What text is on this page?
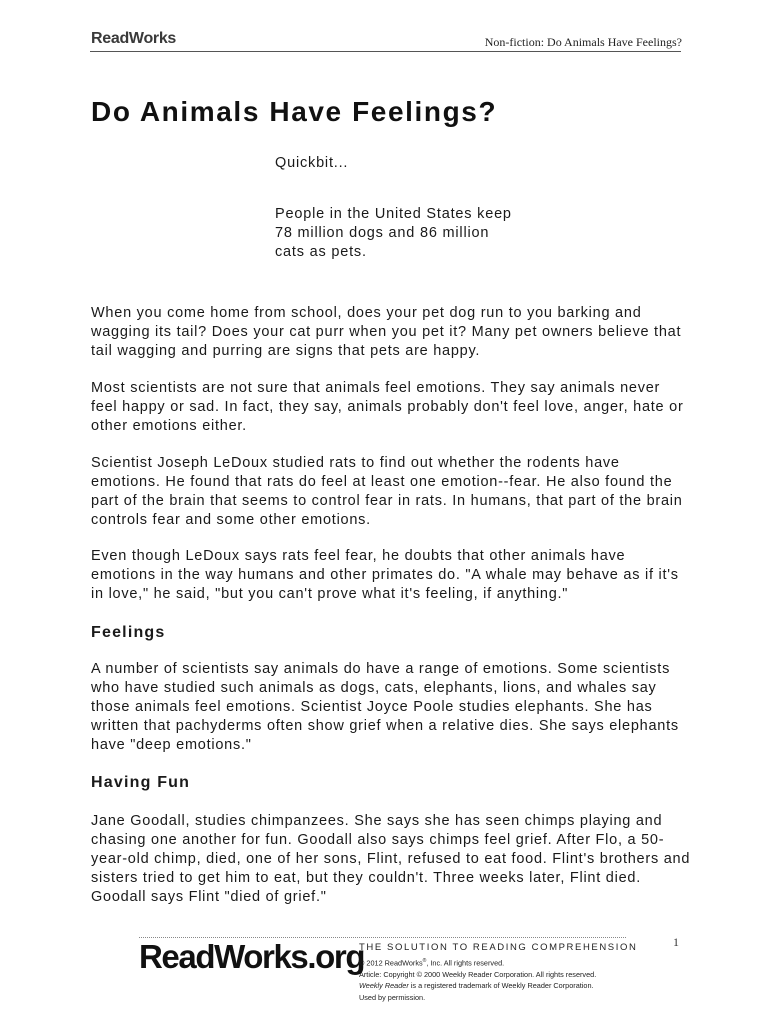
ReadWorks	Non-fiction: Do Animals Have Feelings?
Do Animals Have Feelings?

Quickbit...

People in the United States keep 78 million dogs and 86 million cats as pets.

When you come home from school, does your pet dog run to you barking and wagging its tail? Does your cat purr when you pet it? Many pet owners believe that tail wagging and purring are signs that pets are happy.

Most scientists are not sure that animals feel emotions. They say animals never feel happy or sad. In fact, they say, animals probably don't feel love, anger, hate or other emotions either.

Scientist Joseph LeDoux studied rats to find out whether the rodents have emotions. He found that rats do feel at least one emotion--fear. He also found the part of the brain that seems to control fear in rats. In humans, that part of the brain controls fear and some other emotions.

Even though LeDoux says rats feel fear, he doubts that other animals have emotions in the way humans and other primates do. "A whale may behave as if it's in love," he said, "but you can't prove what it's feeling, if anything."

Feelings

A number of scientists say animals do have a range of emotions. Some scientists who have studied such animals as dogs, cats, elephants, lions, and whales say those animals feel emotions. Scientist Joyce Poole studies elephants. She has written that pachyderms often show grief when a relative dies. She says elephants have "deep emotions."

Having Fun

Jane Goodall, studies chimpanzees. She says she has seen chimps playing and chasing one another for fun. Goodall also says chimps feel grief. After Flo, a 50-year-old chimp, died, one of her sons, Flint, refused to eat food. Flint's brothers and sisters tried to get him to eat, but they couldn't. Three weeks later, Flint died. Goodall says Flint "died of grief."

ReadWorks.org

THE SOLUTION TO READING COMPREHENSION

© 2012 ReadWorks®, Inc. All rights reserved.

Article: Copyright © 2000 Weekly Reader Corporation. All rights reserved.

Weekly Reader is a registered trademark of Weekly Reader Corporation.

Used by permission.

1
